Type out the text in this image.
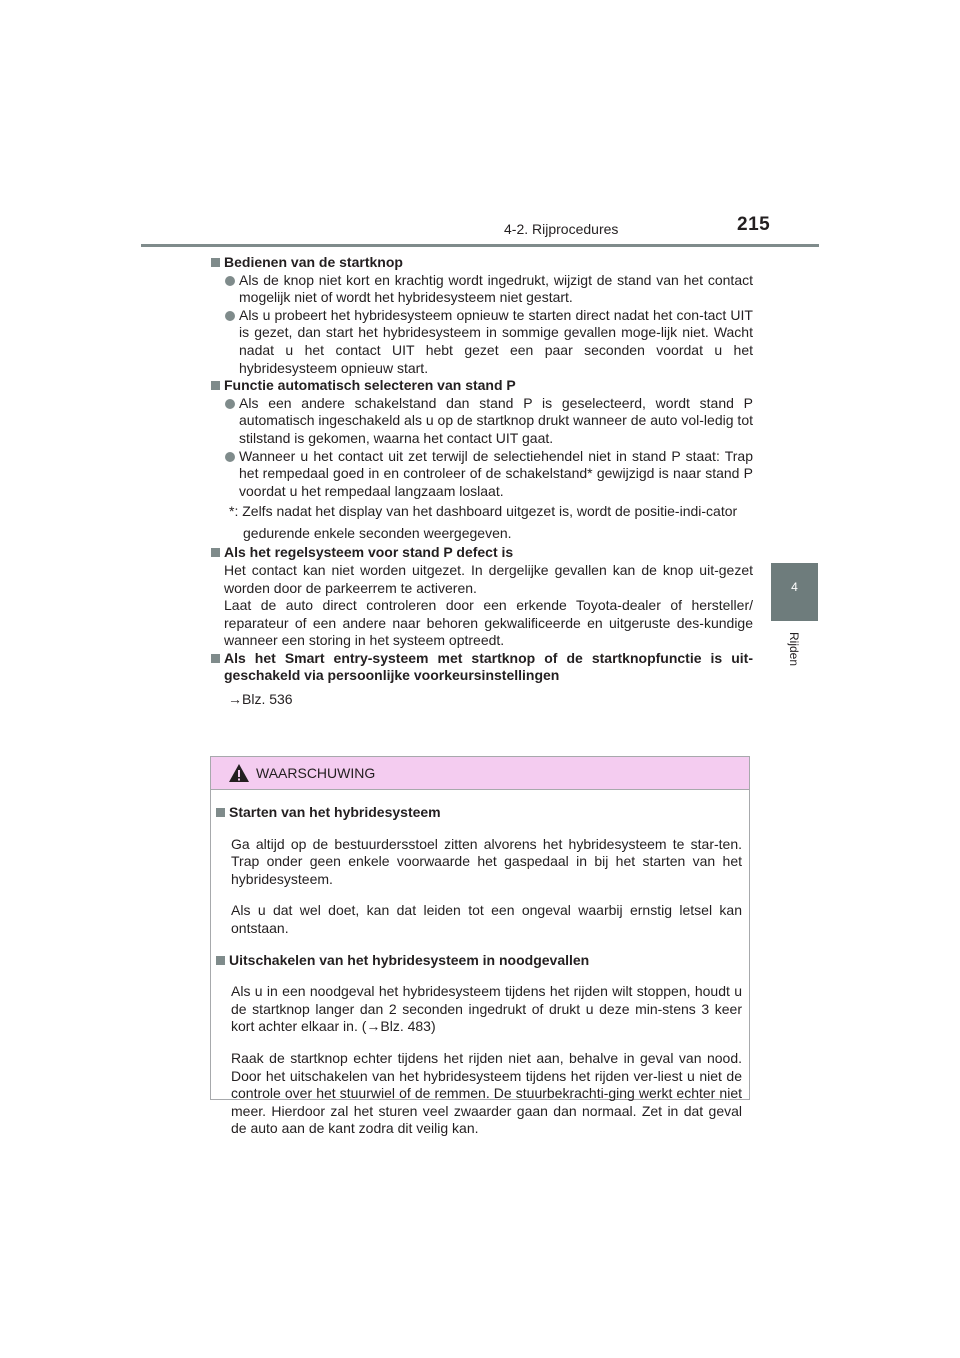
4-2. Rijprocedures	215
4
Rijden

Bedienen van de startknop

Als de knop niet kort en krachtig wordt ingedrukt, wijzigt de stand van het contact mogelijk niet of wordt het hybridesysteem niet gestart.

Als u probeert het hybridesysteem opnieuw te starten direct nadat het con-tact UIT is gezet, dan start het hybridesysteem in sommige gevallen moge-lijk niet. Wacht nadat u het contact UIT hebt gezet een paar seconden voordat u het hybridesysteem opnieuw start.

Functie automatisch selecteren van stand P

Als een andere schakelstand dan stand P is geselecteerd, wordt stand P automatisch ingeschakeld als u op de startknop drukt wanneer de auto vol-ledig tot stilstand is gekomen, waarna het contact UIT gaat.

Wanneer u het contact uit zet terwijl de selectiehendel niet in stand P staat: Trap het rempedaal goed in en controleer of de schakelstand* gewijzigd is naar stand P voordat u het rempedaal langzaam loslaat.

*: Zelfs nadat het display van het dashboard uitgezet is, wordt de positie-indi-cator gedurende enkele seconden weergegeven.

Als het regelsysteem voor stand P defect is

Het contact kan niet worden uitgezet. In dergelijke gevallen kan de knop uit-gezet worden door de parkeerrem te activeren.

Laat de auto direct controleren door een erkende Toyota-dealer of hersteller/ reparateur of een andere naar behoren gekwalificeerde en uitgeruste des-kundige wanneer een storing in het systeem optreedt.

Als het Smart entry-systeem met startknop of de startknopfunctie is uit-geschakeld via persoonlijke voorkeursinstellingen

→Blz. 536

WAARSCHUWING

Starten van het hybridesysteem

Ga altijd op de bestuurdersstoel zitten alvorens het hybridesysteem te star-ten. Trap onder geen enkele voorwaarde het gaspedaal in bij het starten van het hybridesysteem.

Als u dat wel doet, kan dat leiden tot een ongeval waarbij ernstig letsel kan ontstaan.

Uitschakelen van het hybridesysteem in noodgevallen

Als u in een noodgeval het hybridesysteem tijdens het rijden wilt stoppen, houdt u de startknop langer dan 2 seconden ingedrukt of drukt u deze min-stens 3 keer kort achter elkaar in. (→Blz. 483)

Raak de startknop echter tijdens het rijden niet aan, behalve in geval van nood. Door het uitschakelen van het hybridesysteem tijdens het rijden ver-liest u niet de controle over het stuurwiel of de remmen. De stuurbekrachti-ging werkt echter niet meer. Hierdoor zal het sturen veel zwaarder gaan dan normaal. Zet in dat geval de auto aan de kant zodra dit veilig kan.
